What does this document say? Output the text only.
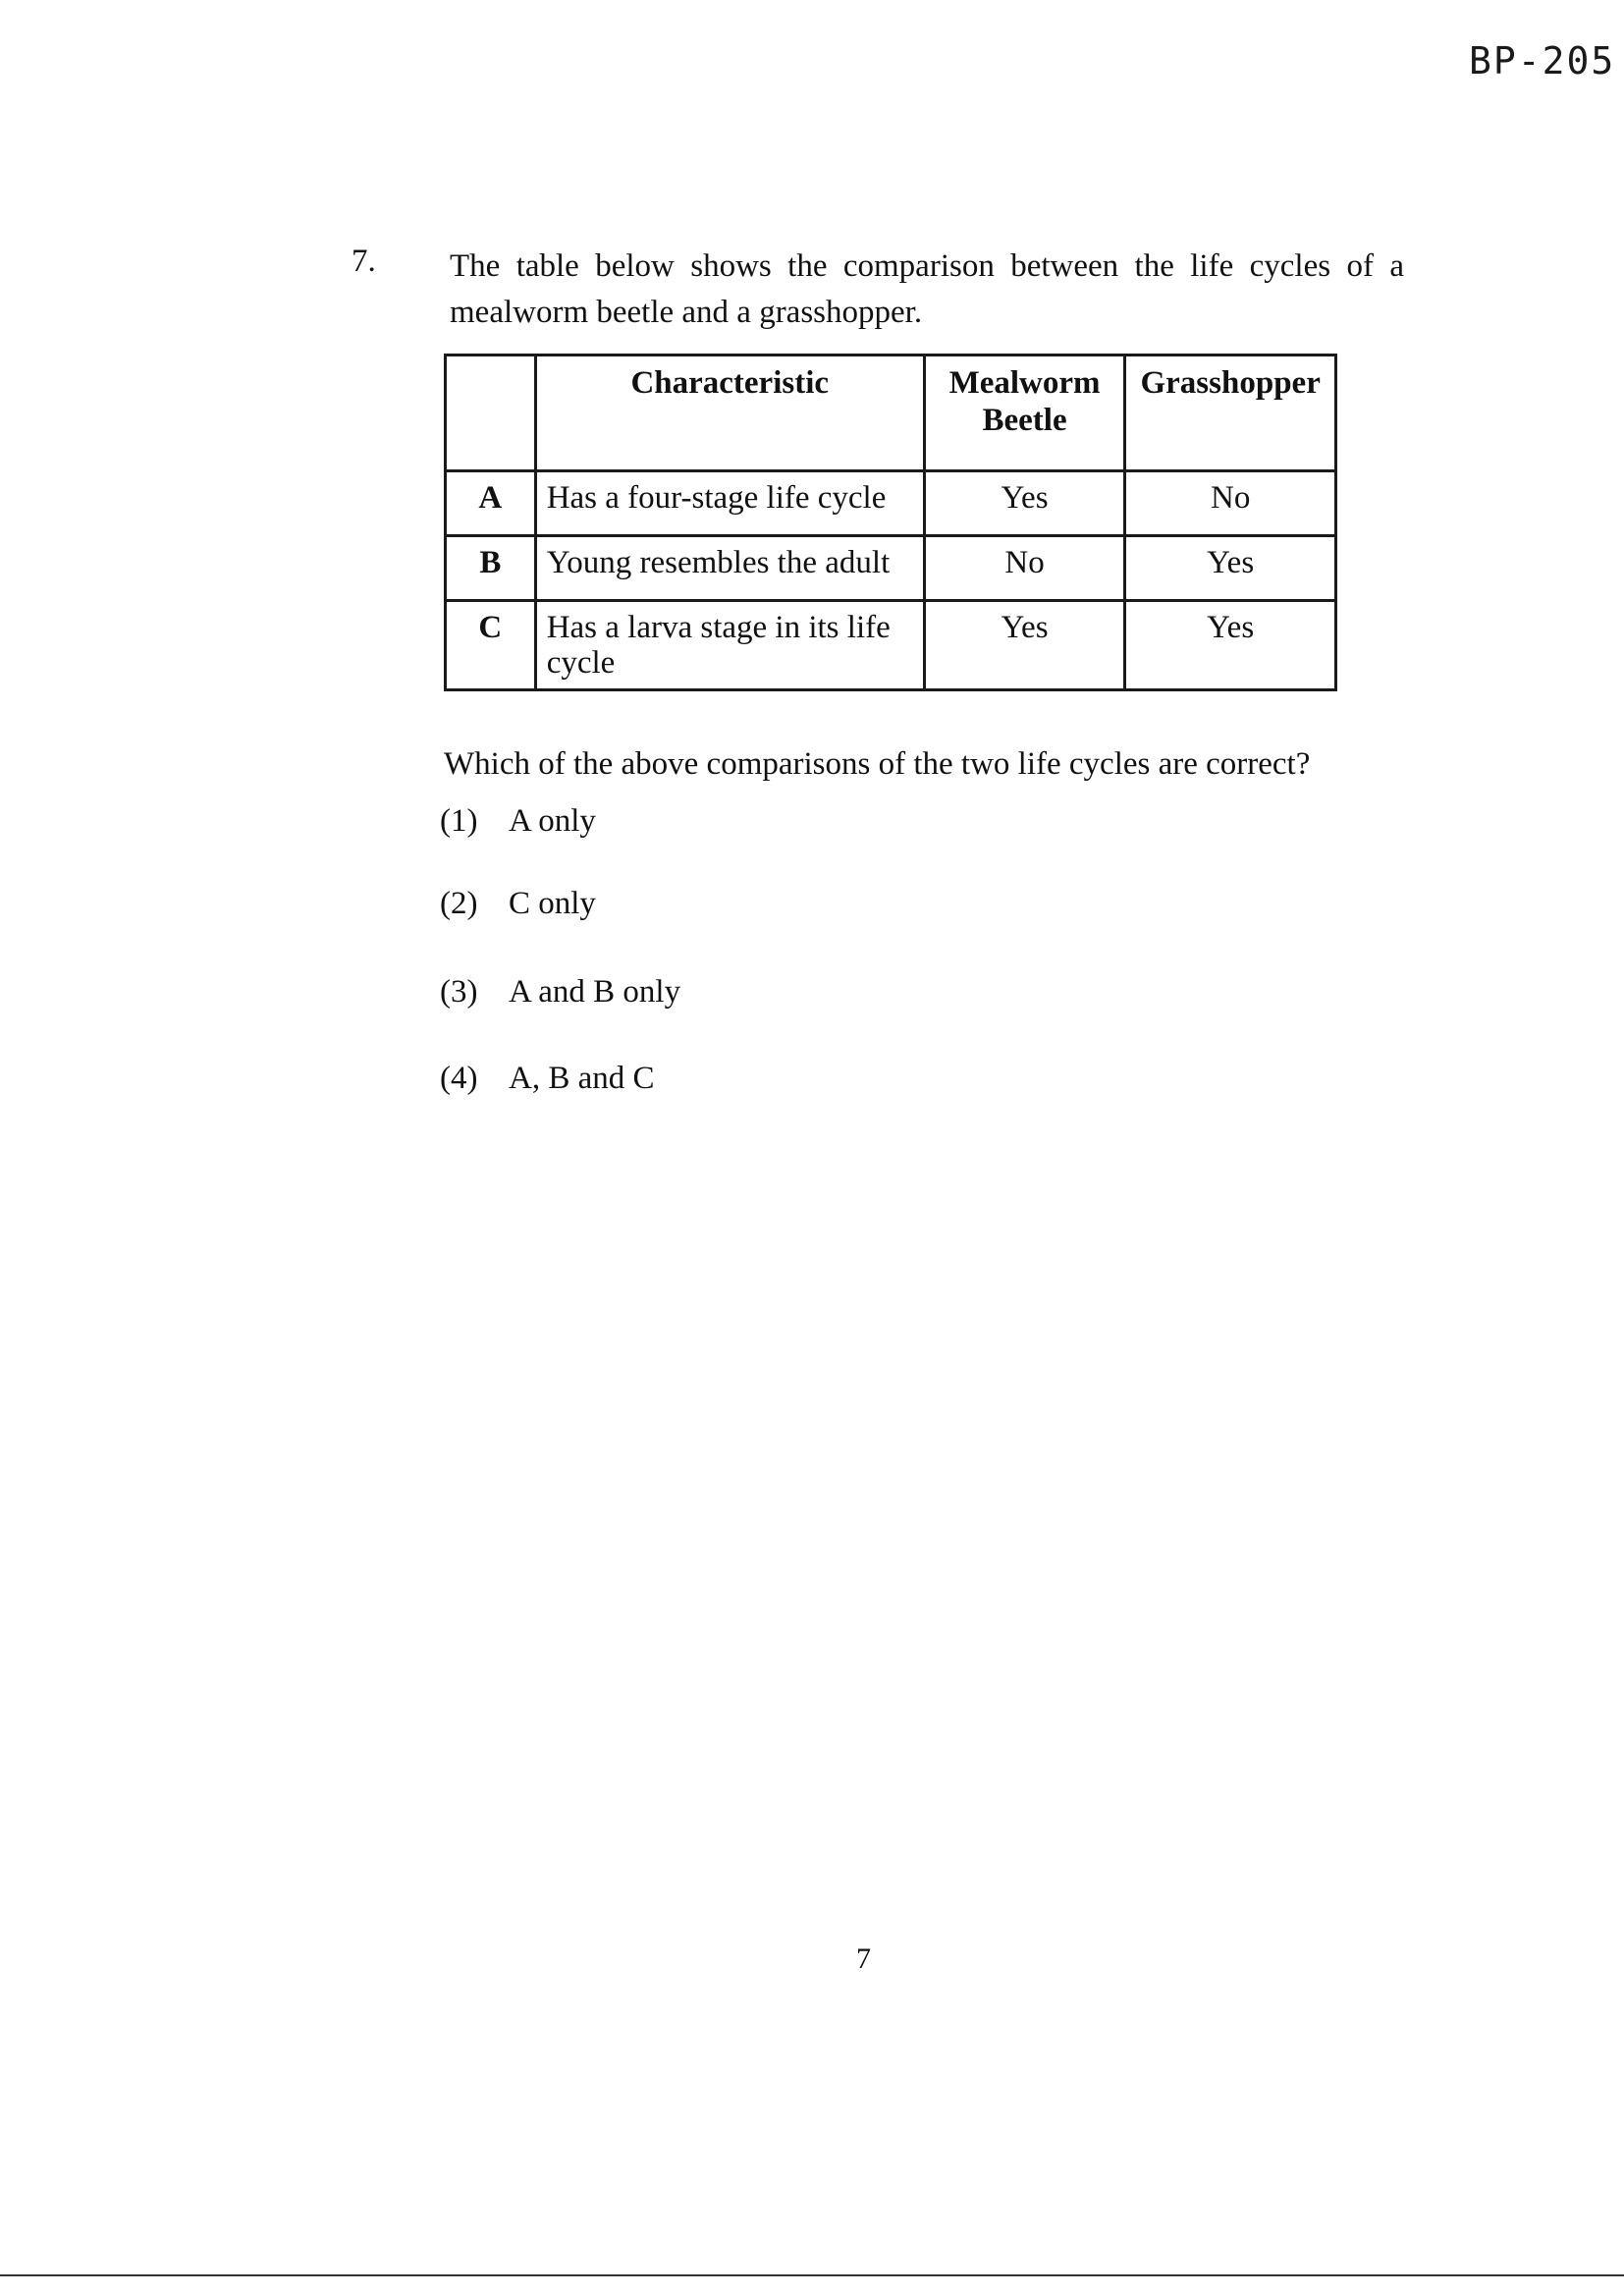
BP-205
7. The table below shows the comparison between the life cycles of a mealworm beetle and a grasshopper.
	Characteristic	Mealworm Beetle	Grasshopper
A	Has a four-stage life cycle	Yes	No
B	Young resembles the adult	No	Yes
C	Has a larva stage in its life cycle	Yes	Yes
Which of the above comparisons of the two life cycles are correct?
(1) A only
(2) C only
(3) A and B only
(4) A, B and C
7
